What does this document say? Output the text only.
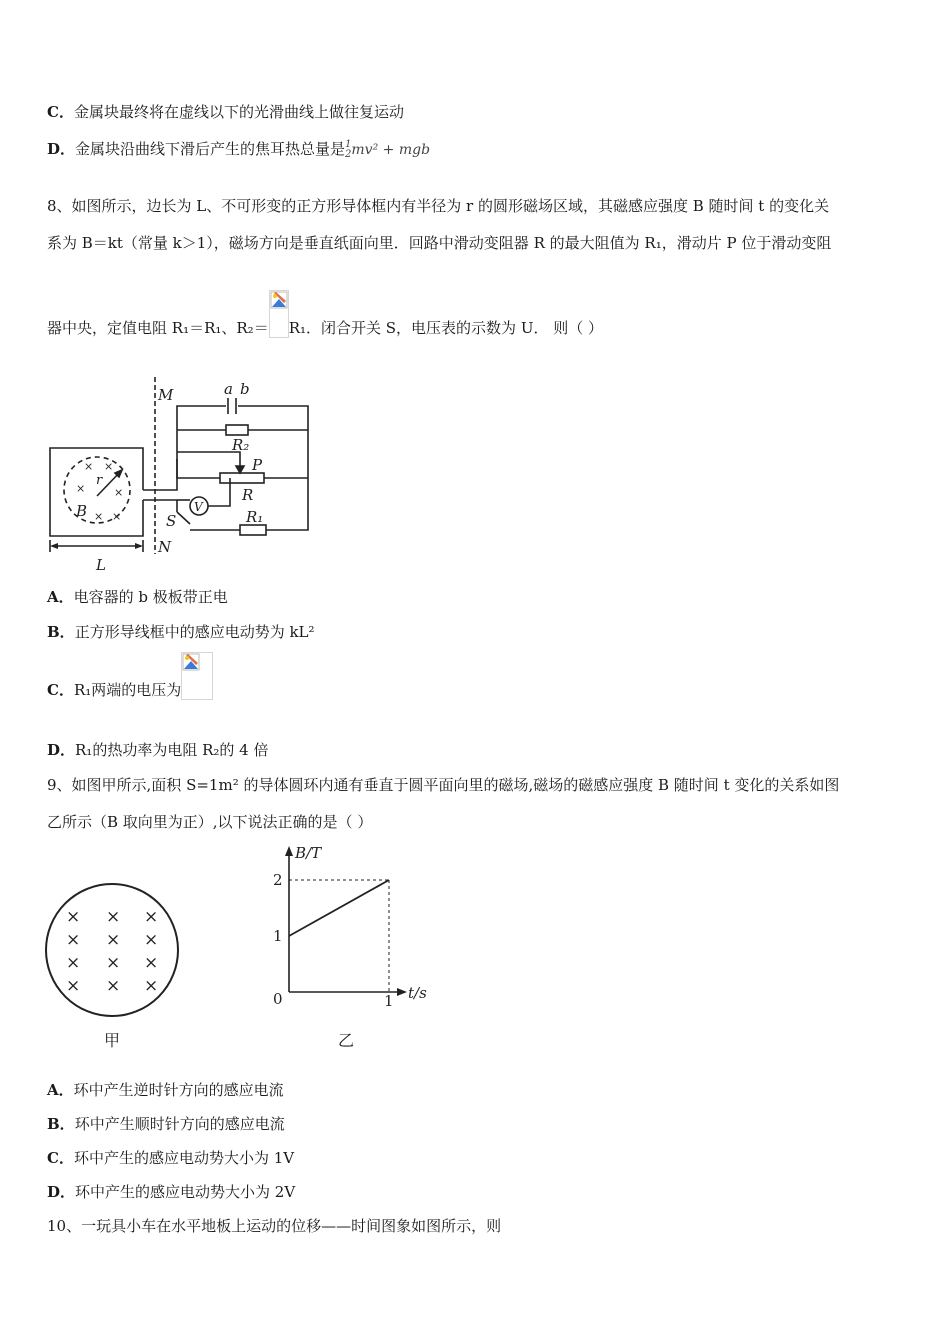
C．金属块最终将在虚线以下的光滑曲线上做往复运动
D．金属块沿曲线下滑后产生的焦耳热总量是1
2mv² + mgb
8、如图所示，边长为 L、不可形变的正方形导体框内有半径为 r 的圆形磁场区域，其磁感应强度 B 随时间 t 的变化关
系为 B＝kt（常量 k＞1），磁场方向是垂直纸面向里．回路中滑动变阻器 R 的最大阻值为 R₁，滑动片 P 位于滑动变阻
器中央，定值电阻 R₁＝R₁、R₂＝ R₁．闭合开关 S，电压表的示数为 U． 则（ ）
M
N
a b
R₂
P
R
R₁
S
V
B
r
L
× ×
×	×
× ×
A．电容器的 b 极板带正电
B．正方形导线框中的感应电动势为 kL²
C．R₁两端的电压为
D．R₁的热功率为电阻 R₂的 4 倍
9、如图甲所示,面积 S=1m² 的导体圆环内通有垂直于圆平面向里的磁场,磁场的磁感应强度 B 随时间 t 变化的关系如图
乙所示（B 取向里为正）,以下说法正确的是（ ）
× × ×
× × ×
× × ×
× × ×
甲
B/T
t/s
2
1
0	1
乙
A．环中产生逆时针方向的感应电流
B．环中产生顺时针方向的感应电流
C．环中产生的感应电动势大小为 1V
D．环中产生的感应电动势大小为 2V
10、一玩具小车在水平地板上运动的位移——时间图象如图所示，则
